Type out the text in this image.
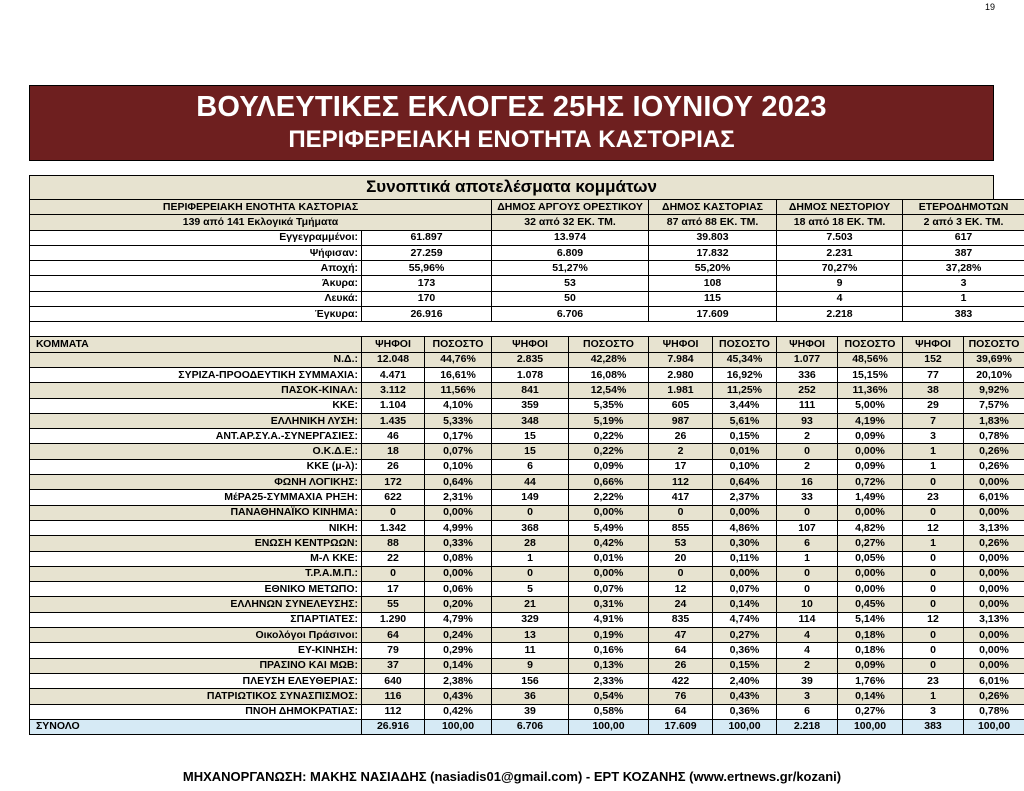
19
ΒΟΥΛΕΥΤΙΚΕΣ ΕΚΛΟΓΕΣ 25ΗΣ ΙΟΥΝΙΟΥ 2023
ΠΕΡΙΦΕΡΕΙΑΚΗ ΕΝΟΤΗΤΑ ΚΑΣΤΟΡΙΑΣ
Συνοπτικά αποτελέσματα κομμάτων
ΠΕΡΙΦΕΡΕΙΑΚΗ ΕΝΟΤΗΤΑ ΚΑΣΤΟΡΙΑΣ			ΔΗΜΟΣ ΑΡΓΟΥΣ ΟΡΕΣΤΙΚΟΥ		ΔΗΜΟΣ ΚΑΣΤΟΡΙΑΣ		ΔΗΜΟΣ ΝΕΣΤΟΡΙΟΥ		ΕΤΕΡΟΔΗΜΟΤΩΝ	
139 από 141 Εκλογικά Τμήματα			32 από 32 ΕΚ. ΤΜ.		87 από 88 ΕΚ. ΤΜ.		18 από 18 ΕΚ. ΤΜ.		2 από 3 ΕΚ. ΤΜ.	
Εγγεγραμμένοι:	61.897		13.974		39.803		7.503		617	
Ψήφισαν:	27.259		6.809		17.832		2.231		387	
Αποχή:	55,96%		51,27%		55,20%		70,27%		37,28%	
Άκυρα:	173		53		108		9		3	
Λευκά:	170		50		115		4		1	
Έγκυρα:	26.916		6.706		17.609		2.218		383	

ΚΟΜΜΑΤΑ	ΨΗΦΟΙ	ΠΟΣΟΣΤΟ	ΨΗΦΟΙ	ΠΟΣΟΣΤΟ	ΨΗΦΟΙ	ΠΟΣΟΣΤΟ	ΨΗΦΟΙ	ΠΟΣΟΣΤΟ	ΨΗΦΟΙ	ΠΟΣΟΣΤΟ
Ν.Δ.:	12.048	44,76%	2.835	42,28%	7.984	45,34%	1.077	48,56%	152	39,69%
ΣΥΡΙΖΑ-ΠΡΟΟΔΕΥΤΙΚΗ ΣΥΜΜΑΧΙΑ:	4.471	16,61%	1.078	16,08%	2.980	16,92%	336	15,15%	77	20,10%
ΠΑΣΟΚ-ΚΙΝΑΛ:	3.112	11,56%	841	12,54%	1.981	11,25%	252	11,36%	38	9,92%
ΚΚΕ:	1.104	4,10%	359	5,35%	605	3,44%	111	5,00%	29	7,57%
ΕΛΛΗΝΙΚΗ ΛΥΣΗ:	1.435	5,33%	348	5,19%	987	5,61%	93	4,19%	7	1,83%
ΑΝΤ.ΑΡ.ΣΥ.Α.-ΣΥΝΕΡΓΑΣΙΕΣ:	46	0,17%	15	0,22%	26	0,15%	2	0,09%	3	0,78%
Ο.Κ.Δ.Ε.:	18	0,07%	15	0,22%	2	0,01%	0	0,00%	1	0,26%
ΚΚΕ (μ-λ):	26	0,10%	6	0,09%	17	0,10%	2	0,09%	1	0,26%
ΦΩΝΗ ΛΟΓΙΚΗΣ:	172	0,64%	44	0,66%	112	0,64%	16	0,72%	0	0,00%
ΜέΡΑ25-ΣΥΜΜΑΧΙΑ ΡΗΞΗ:	622	2,31%	149	2,22%	417	2,37%	33	1,49%	23	6,01%
ΠΑΝΑΘΗΝΑΪΚΟ ΚΙΝΗΜΑ:	0	0,00%	0	0,00%	0	0,00%	0	0,00%	0	0,00%
ΝΙΚΗ:	1.342	4,99%	368	5,49%	855	4,86%	107	4,82%	12	3,13%
ΕΝΩΣΗ ΚΕΝΤΡΩΩΝ:	88	0,33%	28	0,42%	53	0,30%	6	0,27%	1	0,26%
Μ-Λ ΚΚΕ:	22	0,08%	1	0,01%	20	0,11%	1	0,05%	0	0,00%
Τ.Ρ.Α.Μ.Π.:	0	0,00%	0	0,00%	0	0,00%	0	0,00%	0	0,00%
ΕΘΝΙΚΟ ΜΕΤΩΠΟ:	17	0,06%	5	0,07%	12	0,07%	0	0,00%	0	0,00%
ΕΛΛΗΝΩΝ ΣΥΝΕΛΕΥΣΗΣ:	55	0,20%	21	0,31%	24	0,14%	10	0,45%	0	0,00%
ΣΠΑΡΤΙΑΤΕΣ:	1.290	4,79%	329	4,91%	835	4,74%	114	5,14%	12	3,13%
Οικολόγοι Πράσινοι:	64	0,24%	13	0,19%	47	0,27%	4	0,18%	0	0,00%
ΕΥ-ΚΙΝΗΣΗ:	79	0,29%	11	0,16%	64	0,36%	4	0,18%	0	0,00%
ΠΡΑΣΙΝΟ ΚΑΙ ΜΩΒ:	37	0,14%	9	0,13%	26	0,15%	2	0,09%	0	0,00%
ΠΛΕΥΣΗ ΕΛΕΥΘΕΡΙΑΣ:	640	2,38%	156	2,33%	422	2,40%	39	1,76%	23	6,01%
ΠΑΤΡΙΩΤΙΚΟΣ ΣΥΝΑΣΠΙΣΜΟΣ:	116	0,43%	36	0,54%	76	0,43%	3	0,14%	1	0,26%
ΠΝΟΗ ΔΗΜΟΚΡΑΤΙΑΣ:	112	0,42%	39	0,58%	64	0,36%	6	0,27%	3	0,78%
ΣΥΝΟΛΟ	26.916	100,00	6.706	100,00	17.609	100,00	2.218	100,00	383	100,00
ΜΗΧΑΝΟΡΓΑΝΩΣΗ: ΜΑΚΗΣ ΝΑΣΙΑΔΗΣ (nasiadis01@gmail.com) - ΕΡΤ ΚΟΖΑΝΗΣ (www.ertnews.gr/kozani)
